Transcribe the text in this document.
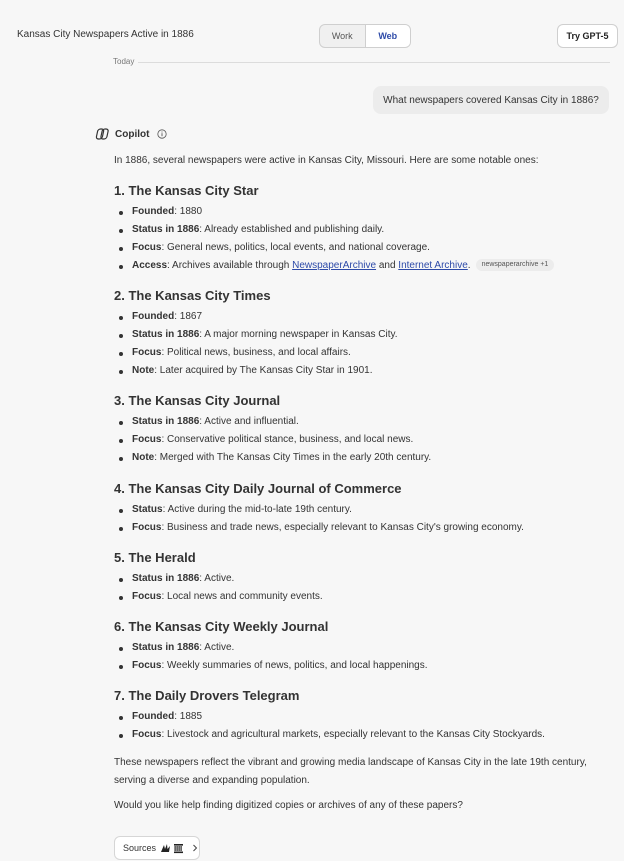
Kansas City Newspapers Active in 1886	Work	Web	Try GPT-5
Today
What newspapers covered Kansas City in 1886?
Copilot

In 1886, several newspapers were active in Kansas City, Missouri. Here are some notable ones:

1. The Kansas City Star
Founded: 1880
Status in 1886: Already established and publishing daily.
Focus: General news, politics, local events, and national coverage.
Access: Archives available through NewspaperArchive and Internet Archive. newspaperarchive +1
2. The Kansas City Times
Founded: 1867
Status in 1886: A major morning newspaper in Kansas City.
Focus: Political news, business, and local affairs.
Note: Later acquired by The Kansas City Star in 1901.
3. The Kansas City Journal
Status in 1886: Active and influential.
Focus: Conservative political stance, business, and local news.
Note: Merged with The Kansas City Times in the early 20th century.
4. The Kansas City Daily Journal of Commerce
Status: Active during the mid-to-late 19th century.
Focus: Business and trade news, especially relevant to Kansas City's growing economy.
5. The Herald
Status in 1886: Active.
Focus: Local news and community events.
6. The Kansas City Weekly Journal
Status in 1886: Active.
Focus: Weekly summaries of news, politics, and local happenings.
7. The Daily Drovers Telegram
Founded: 1885
Focus: Livestock and agricultural markets, especially relevant to the Kansas City Stockyards.

These newspapers reflect the vibrant and growing media landscape of Kansas City in the late 19th century, serving a diverse and expanding population.

Would you like help finding digitized copies or archives of any of these papers?

Sources
